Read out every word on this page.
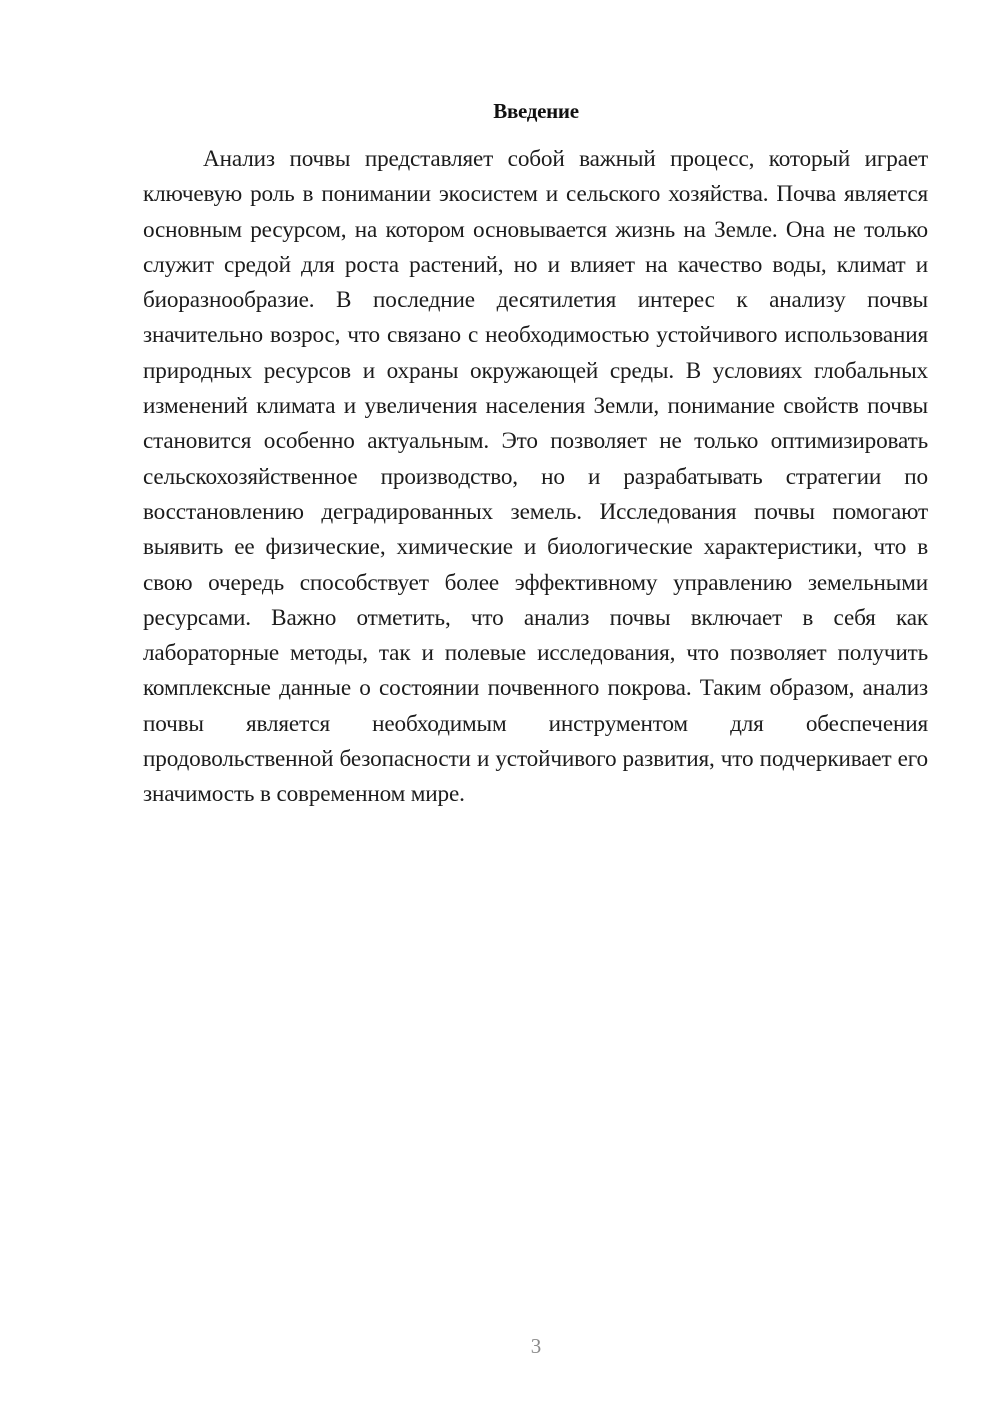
Введение

Анализ почвы представляет собой важный процесс, который играет ключевую роль в понимании экосистем и сельского хозяйства. Почва является основным ресурсом, на котором основывается жизнь на Земле. Она не только служит средой для роста растений, но и влияет на качество воды, климат и биоразнообразие. В последние десятилетия интерес к анализу почвы значительно возрос, что связано с необходимостью устойчивого использования природных ресурсов и охраны окружающей среды. В условиях глобальных изменений климата и увеличения населения Земли, понимание свойств почвы становится особенно актуальным. Это позволяет не только оптимизировать сельскохозяйственное производство, но и разрабатывать стратегии по восстановлению деградированных земель. Исследования почвы помогают выявить ее физические, химические и биологические характеристики, что в свою очередь способствует более эффективному управлению земельными ресурсами. Важно отметить, что анализ почвы включает в себя как лабораторные методы, так и полевые исследования, что позволяет получить комплексные данные о состоянии почвенного покрова. Таким образом, анализ почвы является необходимым инструментом для обеспечения продовольственной безопасности и устойчивого развития, что подчеркивает его значимость в современном мире.

3
